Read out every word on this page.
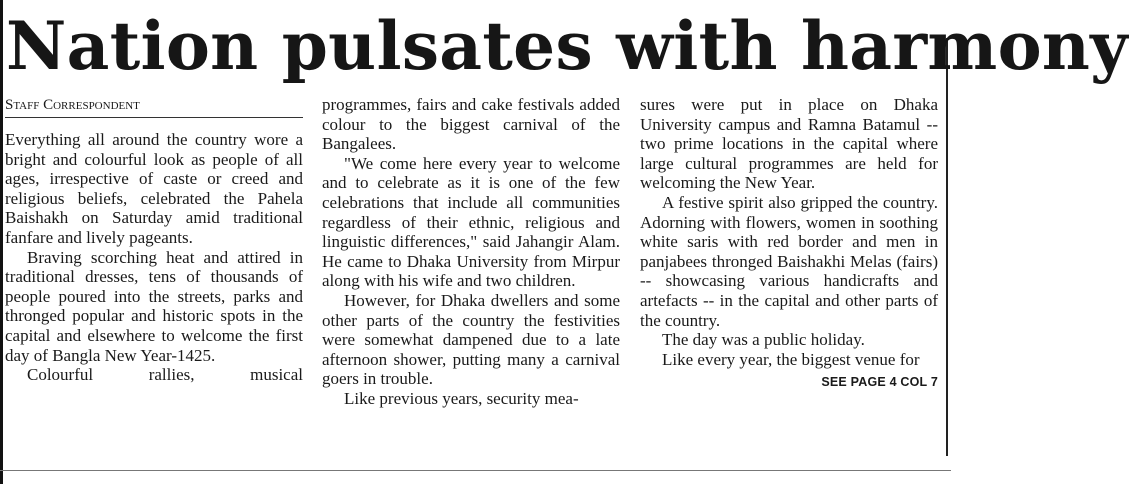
Nation pulsates with harmony
Staff Correspondent

Everything all around the country wore a bright and colourful look as people of all ages, irrespective of caste or creed and religious beliefs, celebrated the Pahela Baishakh on Saturday amid traditional fanfare and lively pageants.

Braving scorching heat and attired in traditional dresses, tens of thousands of people poured into the streets, parks and thronged popular and historic spots in the capital and elsewhere to welcome the first day of Bangla New Year-1425.

Colourful rallies, musical

programmes, fairs and cake festivals added colour to the biggest carnival of the Bangalees.

"We come here every year to welcome and to celebrate as it is one of the few celebrations that include all communities regardless of their ethnic, religious and linguistic differences," said Jahangir Alam. He came to Dhaka University from Mirpur along with his wife and two children.

However, for Dhaka dwellers and some other parts of the country the festivities were somewhat dampened due to a late afternoon shower, putting many a carnival goers in trouble.

Like previous years, security mea-

sures were put in place on Dhaka University campus and Ramna Batamul -- two prime locations in the capital where large cultural programmes are held for welcoming the New Year.

A festive spirit also gripped the country. Adorning with flowers, women in soothing white saris with red border and men in panjabees thronged Baishakhi Melas (fairs) -- showcasing various handicrafts and artefacts -- in the capital and other parts of the country.

The day was a public holiday.

Like every year, the biggest venue for

SEE PAGE 4 COL 7
